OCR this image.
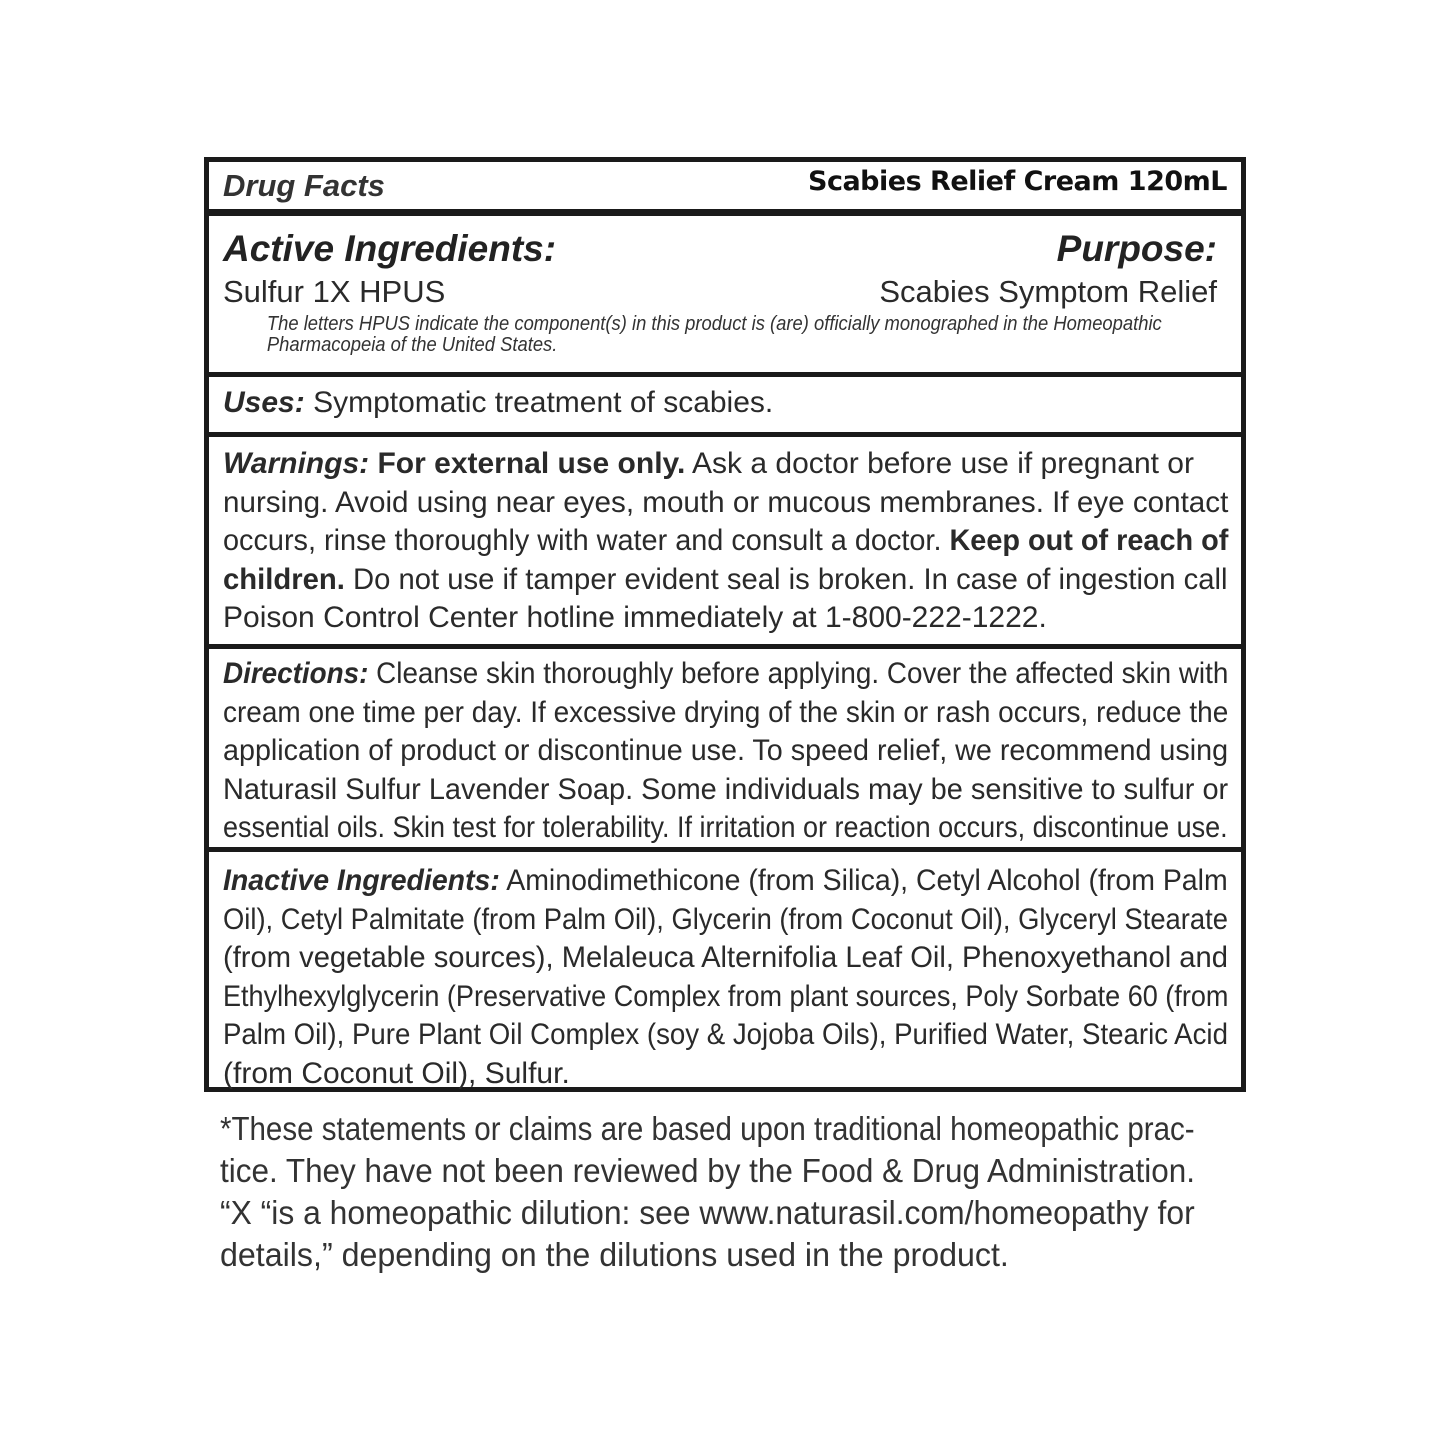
Drug Facts	Scabies Relief Cream 120mL
Active Ingredients:	Purpose:
Sulfur 1X HPUS	Scabies Symptom Relief
The letters HPUS indicate the component(s) in this product is (are) officially monographed in the Homeopathic Pharmacopeia of the United States.
Uses: Symptomatic treatment of scabies.
Warnings: For external use only. Ask a doctor before use if pregnant or
nursing. Avoid using near eyes, mouth or mucous membranes. If eye contact
occurs, rinse thoroughly with water and consult a doctor. Keep out of reach of
children. Do not use if tamper evident seal is broken. In case of ingestion call
Poison Control Center hotline immediately at 1-800-222-1222.
Directions: Cleanse skin thoroughly before applying. Cover the affected skin with
cream one time per day. If excessive drying of the skin or rash occurs, reduce the
application of product or discontinue use. To speed relief, we recommend using
Naturasil Sulfur Lavender Soap. Some individuals may be sensitive to sulfur or
essential oils. Skin test for tolerability. If irritation or reaction occurs, discontinue use.
Inactive Ingredients: Aminodimethicone (from Silica), Cetyl Alcohol (from Palm
Oil), Cetyl Palmitate (from Palm Oil), Glycerin (from Coconut Oil), Glyceryl Stearate
(from vegetable sources), Melaleuca Alternifolia Leaf Oil, Phenoxyethanol and
Ethylhexylglycerin (Preservative Complex from plant sources, Poly Sorbate 60 (from
Palm Oil), Pure Plant Oil Complex (soy & Jojoba Oils), Purified Water, Stearic Acid
(from Coconut Oil), Sulfur.
*These statements or claims are based upon traditional homeopathic prac-
tice. They have not been reviewed by the Food & Drug Administration.
“X “is a homeopathic dilution: see www.naturasil.com/homeopathy for
details,” depending on the dilutions used in the product.
